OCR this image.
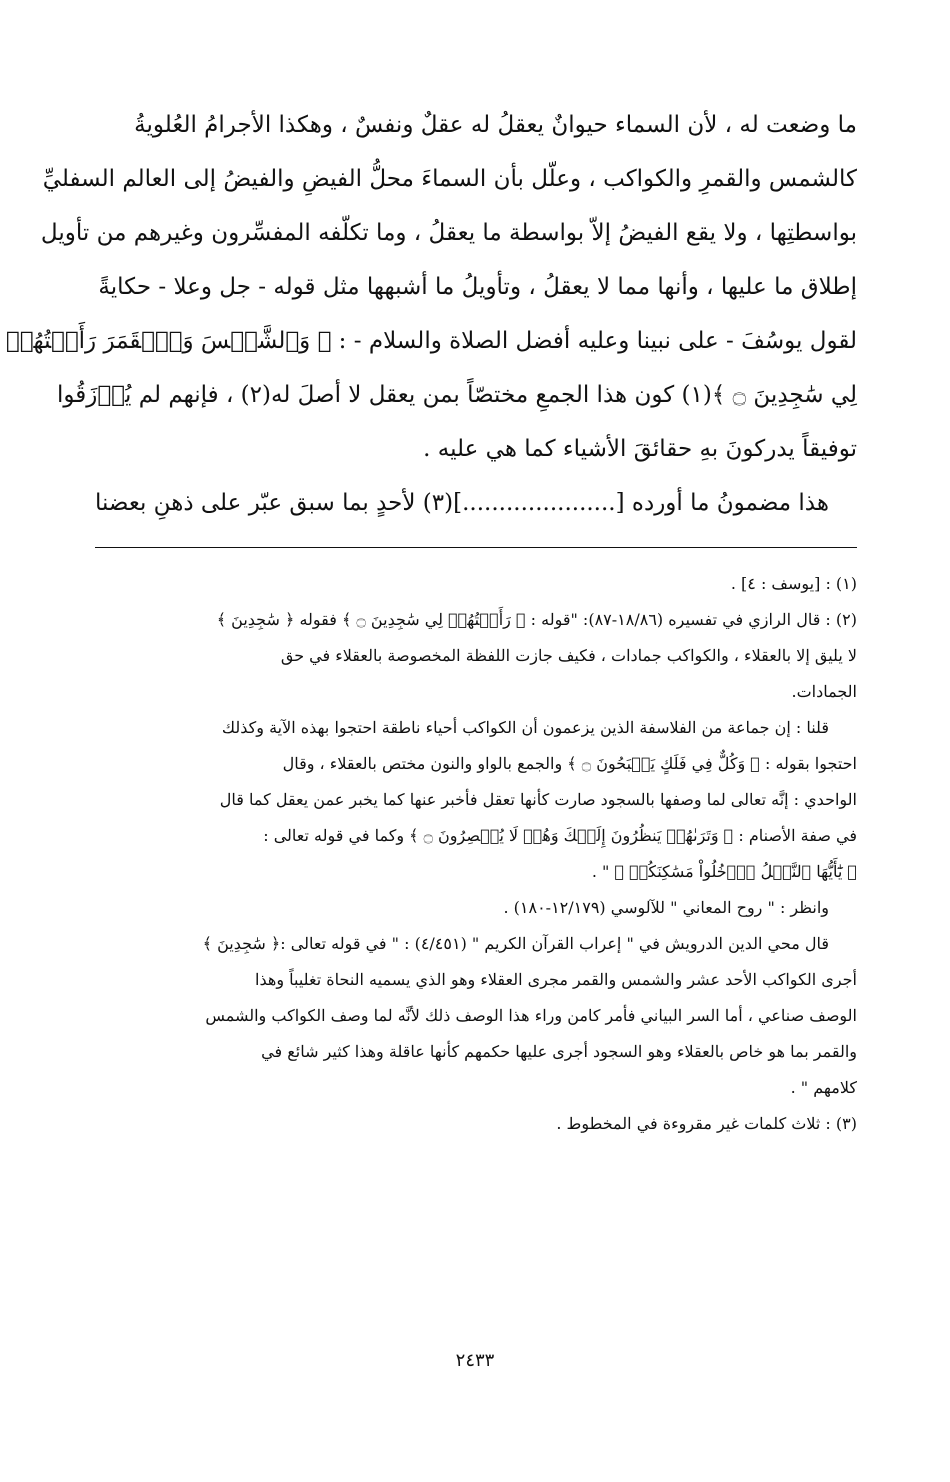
ما وضعت له ، لأن السماء حيوانٌ يعقلُ له عقلٌ ونفسٌ ، وهكذا الأجرامُ العُلويةُ
كالشمس والقمرِ والكواكب ، وعلّل بأن السماءَ محلُّ الفيضِ والفيضُ إلى العالم السفليِّ
بواسطتِها ، ولا يقع الفيضُ إلاّ بواسطة ما يعقلُ ، وما تكلّفه المفسِّرون وغيرهم من تأويل
إطلاق ما عليها ، وأنها مما لا يعقلُ ، وتأويلُ ما أشبهها مثل قوله - جل وعلا - حكايةً
لقول يوسُفَ - على نبينا وعليه أفضل الصلاة والسلام - : ﴿ وَٱلشَّمۡسَ وَٱلۡقَمَرَ رَأَيۡتُهُمۡ
لِي سَٰجِدِينَ ۝ ﴾(١) كون هذا الجمعِ مختصّاً بمن يعقل لا أصلَ له(٢) ، فإنهم لم يُرۡزَقُوا
توفيقاً يدركونَ بهِ حقائقَ الأشياء كما هي عليه .
هذا مضمونُ ما أورده [.....................](٣) لأحدٍ بما سبق عبّر على ذهنِ بعضنا
(١) : [يوسف : ٤] .
(٢) : قال الرازي في تفسيره (١٨/٨٦-٨٧): "قوله : ﴿ رَأَيۡتُهُمۡ لِي سَٰجِدِينَ ۝ ﴾ فقوله ﴿ سَٰجِدِينَ ﴾
لا يليق إلا بالعقلاء ، والكواكب جمادات ، فكيف جازت اللفظة المخصوصة بالعقلاء في حق
الجمادات.
قلنا : إن جماعة من الفلاسفة الذين يزعمون أن الكواكب أحياء ناطقة احتجوا بهذه الآية وكذلك
احتجوا بقوله : ﴿ وَكُلٌّ فِي فَلَكٍ يَسۡبَحُونَ ۝ ﴾ والجمع بالواو والنون مختص بالعقلاء ، وقال
الواحدي : إنَّه تعالى لما وصفها بالسجود صارت كأنها تعقل فأخبر عنها كما يخبر عمن يعقل كما قال
في صفة الأصنام : ﴿ وَتَرَىٰهُمۡ يَنظُرُونَ إِلَيۡكَ وَهُمۡ لَا يُبۡصِرُونَ ۝ ﴾ وكما في قوله تعالى :
﴿ يَٰٓأَيُّهَا ٱلنَّمۡلُ ٱدۡخُلُواْ مَسَٰكِنَكُمۡ ﴾ " .
وانظر : " روح المعاني " للآلوسي (١٢/١٧٩-١٨٠) .
قال محي الدين الدرويش في " إعراب القرآن الكريم " (٤/٤٥١) : " في قوله تعالى :﴿ سَٰجِدِينَ ﴾
أجرى الكواكب الأحد عشر والشمس والقمر مجرى العقلاء وهو الذي يسميه النحاة تغليباً وهذا
الوصف صناعي ، أما السر البياني فأمر كامن وراء هذا الوصف ذلك لأنَّه لما وصف الكواكب والشمس
والقمر بما هو خاص بالعقلاء وهو السجود أجرى عليها حكمهم كأنها عاقلة وهذا كثير شائع في
كلامهم " .
(٣) : ثلاث كلمات غير مقروءة في المخطوط .
٢٤٣٣
